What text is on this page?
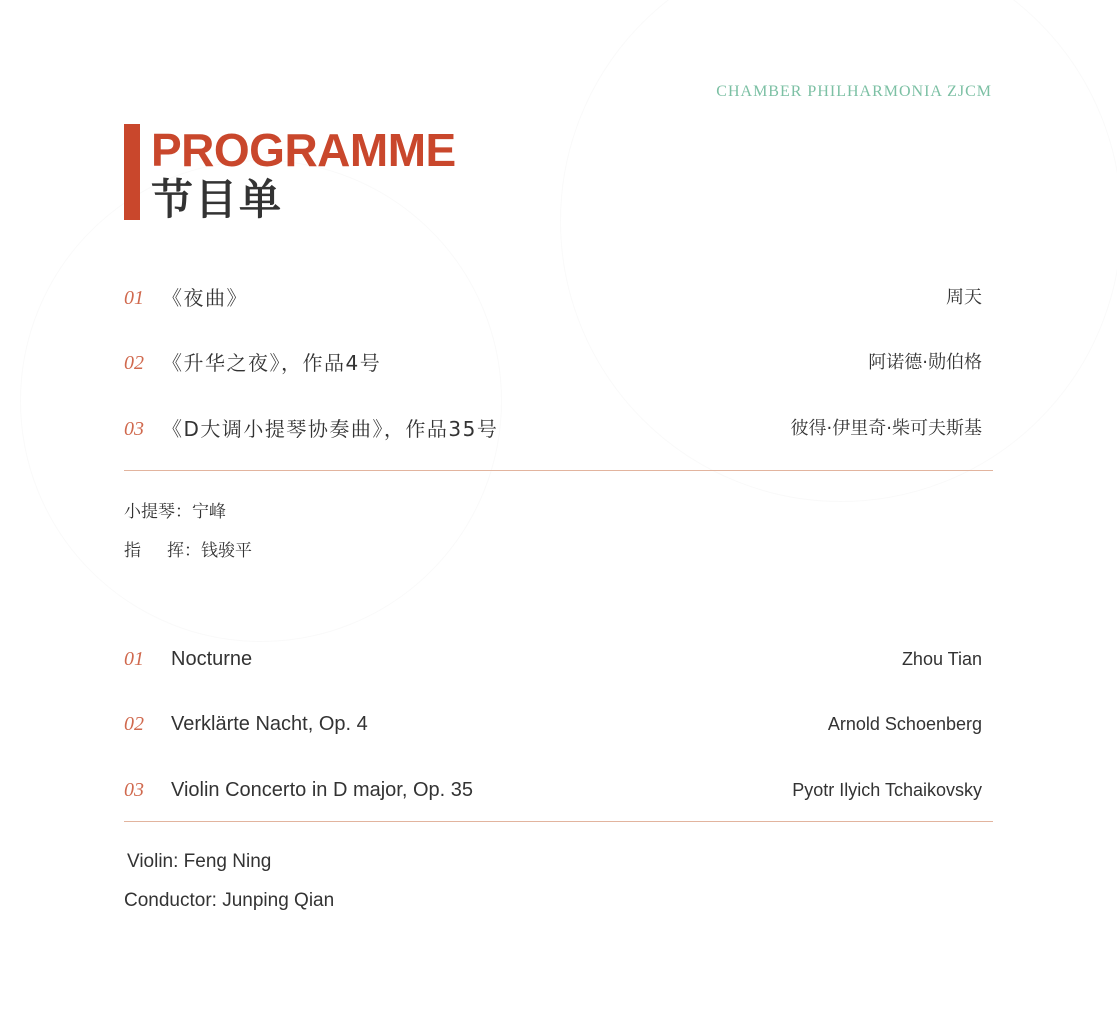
CHAMBER PHILHARMONIA ZJCM
PROGRAMME
节目单
01 《夜曲》	周天
02 《升华之夜》，作品4号	阿诺德·勋伯格
03 《D大调小提琴协奏曲》，作品35号	彼得·伊里奇·柴可夫斯基
小提琴：宁峰
指 挥：钱骏平
01 Nocturne	Zhou Tian
02 Verklärte Nacht, Op. 4	Arnold Schoenberg
03 Violin Concerto in D major, Op. 35	Pyotr Ilyich Tchaikovsky
Violin: Feng Ning
Conductor: Junping Qian
